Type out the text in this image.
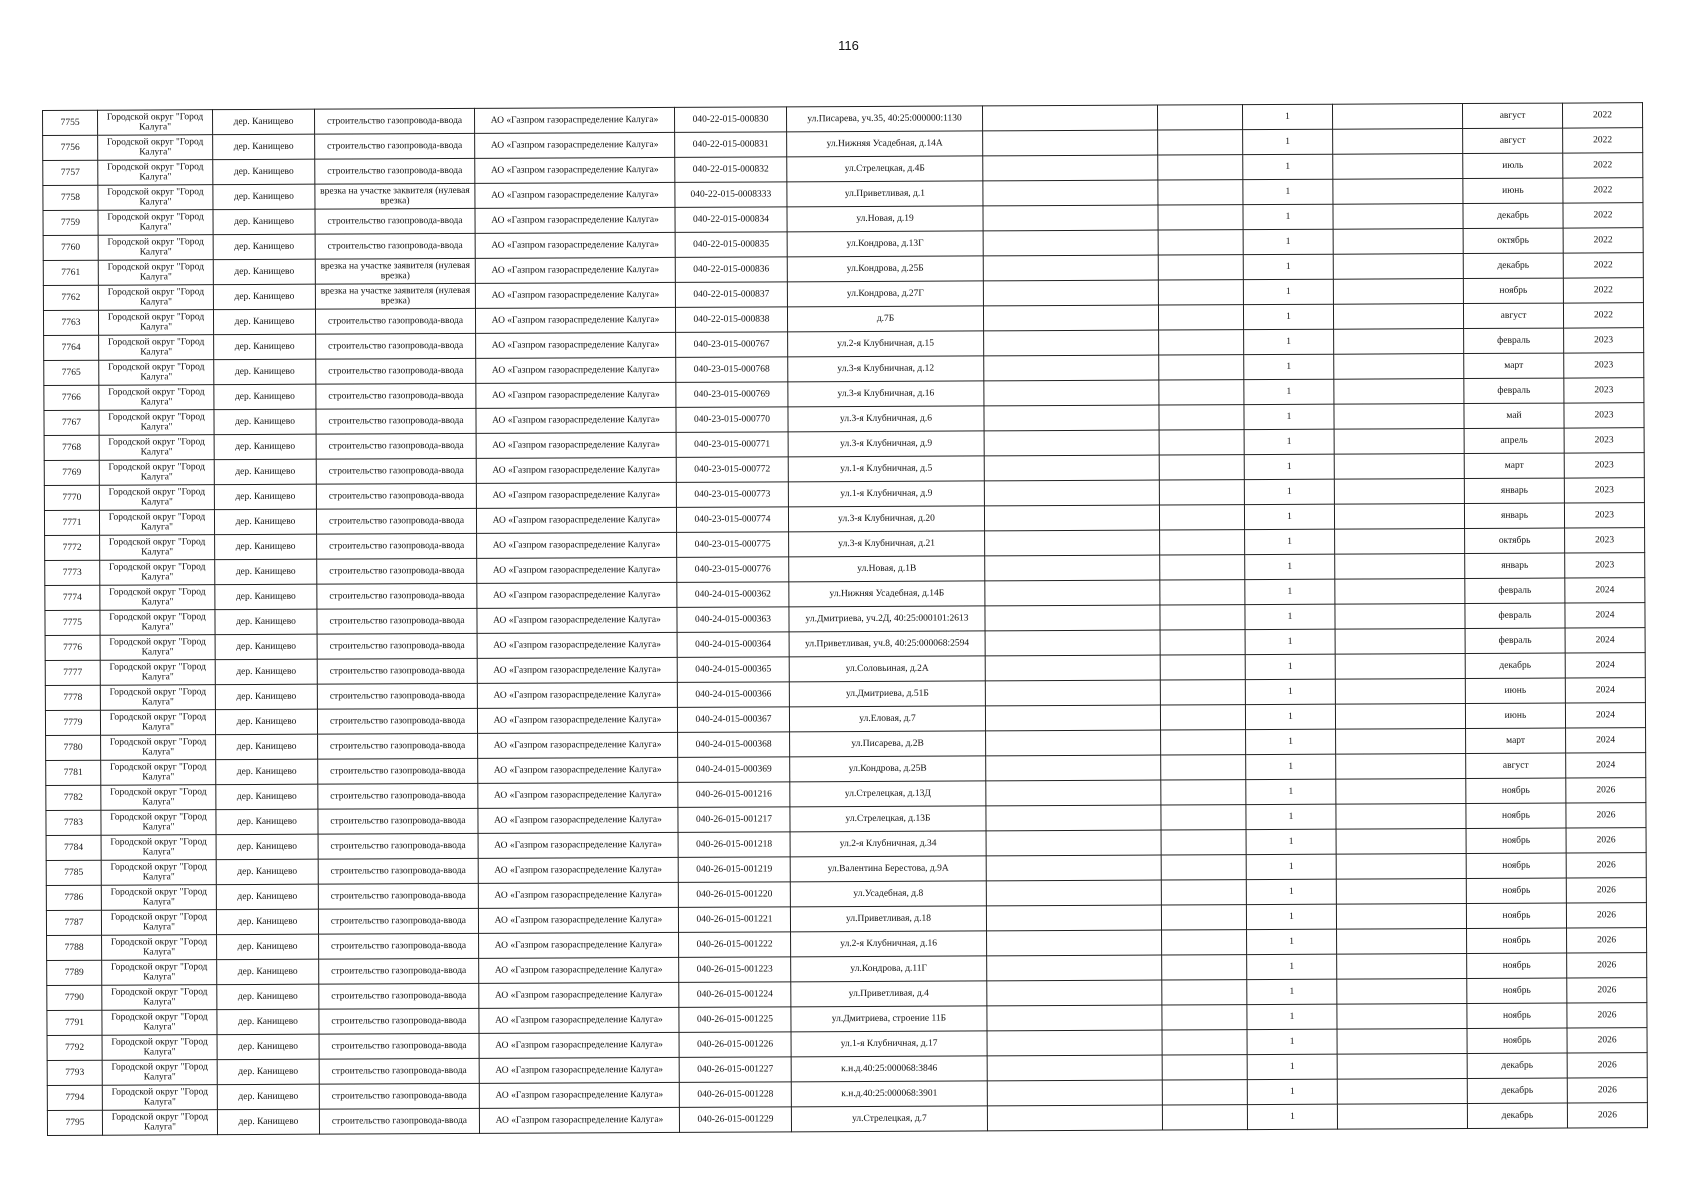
116
7755	Городской округ "Город Калуга"	дер. Канищево	строительство газопровода-ввода	АО «Газпром газораспределение Калуга»	040-22-015-000830	ул.Писарева, уч.35, 40:25:000000:1130			1		август	2022
7756	Городской округ "Город Калуга"	дер. Канищево	строительство газопровода-ввода	АО «Газпром газораспределение Калуга»	040-22-015-000831	ул.Нижняя Усадебная, д.14А			1		август	2022
7757	Городской округ "Город Калуга"	дер. Канищево	строительство газопровода-ввода	АО «Газпром газораспределение Калуга»	040-22-015-000832	ул.Стрелецкая, д.4Б			1		июль	2022
7758	Городской округ "Город Калуга"	дер. Канищево	врезка на участке заквителя (нулевая врезка)	АО «Газпром газораспределение Калуга»	040-22-015-0008333	ул.Приветливая, д.1			1		июнь	2022
7759	Городской округ "Город Калуга"	дер. Канищево	строительство газопровода-ввода	АО «Газпром газораспределение Калуга»	040-22-015-000834	ул.Новая, д.19			1		декабрь	2022
7760	Городской округ "Город Калуга"	дер. Канищево	строительство газопровода-ввода	АО «Газпром газораспределение Калуга»	040-22-015-000835	ул.Кондрова, д.13Г			1		октябрь	2022
7761	Городской округ "Город Калуга"	дер. Канищево	врезка на участке заявителя (нулевая врезка)	АО «Газпром газораспределение Калуга»	040-22-015-000836	ул.Кондрова, д.25Б			1		декабрь	2022
7762	Городской округ "Город Калуга"	дер. Канищево	врезка на участке заявителя (нулевая врезка)	АО «Газпром газораспределение Калуга»	040-22-015-000837	ул.Кондрова, д.27Г			1		ноябрь	2022
7763	Городской округ "Город Калуга"	дер. Канищево	строительство газопровода-ввода	АО «Газпром газораспределение Калуга»	040-22-015-000838	д.7Б			1		август	2022
7764	Городской округ "Город Калуга"	дер. Канищево	строительство газопровода-ввода	АО «Газпром газораспределение Калуга»	040-23-015-000767	ул.2-я Клубничная, д.15			1		февраль	2023
7765	Городской округ "Город Калуга"	дер. Канищево	строительство газопровода-ввода	АО «Газпром газораспределение Калуга»	040-23-015-000768	ул.3-я Клубничная, д.12			1		март	2023
7766	Городской округ "Город Калуга"	дер. Канищево	строительство газопровода-ввода	АО «Газпром газораспределение Калуга»	040-23-015-000769	ул.3-я Клубничная, д.16			1		февраль	2023
7767	Городской округ "Город Калуга"	дер. Канищево	строительство газопровода-ввода	АО «Газпром газораспределение Калуга»	040-23-015-000770	ул.3-я Клубничная, д.6			1		май	2023
7768	Городской округ "Город Калуга"	дер. Канищево	строительство газопровода-ввода	АО «Газпром газораспределение Калуга»	040-23-015-000771	ул.3-я Клубничная, д.9			1		апрель	2023
7769	Городской округ "Город Калуга"	дер. Канищево	строительство газопровода-ввода	АО «Газпром газораспределение Калуга»	040-23-015-000772	ул.1-я Клубничная, д.5			1		март	2023
7770	Городской округ "Город Калуга"	дер. Канищево	строительство газопровода-ввода	АО «Газпром газораспределение Калуга»	040-23-015-000773	ул.1-я Клубничная, д.9			1		январь	2023
7771	Городской округ "Город Калуга"	дер. Канищево	строительство газопровода-ввода	АО «Газпром газораспределение Калуга»	040-23-015-000774	ул.3-я Клубничная, д.20			1		январь	2023
7772	Городской округ "Город Калуга"	дер. Канищево	строительство газопровода-ввода	АО «Газпром газораспределение Калуга»	040-23-015-000775	ул.3-я Клубничная, д.21			1		октябрь	2023
7773	Городской округ "Город Калуга"	дер. Канищево	строительство газопровода-ввода	АО «Газпром газораспределение Калуга»	040-23-015-000776	ул.Новая, д.1В			1		январь	2023
7774	Городской округ "Город Калуга"	дер. Канищево	строительство газопровода-ввода	АО «Газпром газораспределение Калуга»	040-24-015-000362	ул.Нижняя Усадебная, д.14Б			1		февраль	2024
7775	Городской округ "Город Калуга"	дер. Канищево	строительство газопровода-ввода	АО «Газпром газораспределение Калуга»	040-24-015-000363	ул.Дмитриева, уч.2Д, 40:25:000101:2613			1		февраль	2024
7776	Городской округ "Город Калуга"	дер. Канищево	строительство газопровода-ввода	АО «Газпром газораспределение Калуга»	040-24-015-000364	ул.Приветливая, уч.8, 40:25:000068:2594			1		февраль	2024
7777	Городской округ "Город Калуга"	дер. Канищево	строительство газопровода-ввода	АО «Газпром газораспределение Калуга»	040-24-015-000365	ул.Соловьиная, д.2А			1		декабрь	2024
7778	Городской округ "Город Калуга"	дер. Канищево	строительство газопровода-ввода	АО «Газпром газораспределение Калуга»	040-24-015-000366	ул.Дмитриева, д.51Б			1		июнь	2024
7779	Городской округ "Город Калуга"	дер. Канищево	строительство газопровода-ввода	АО «Газпром газораспределение Калуга»	040-24-015-000367	ул.Еловая, д.7			1		июнь	2024
7780	Городской округ "Город Калуга"	дер. Канищево	строительство газопровода-ввода	АО «Газпром газораспределение Калуга»	040-24-015-000368	ул.Писарева, д.2В			1		март	2024
7781	Городской округ "Город Калуга"	дер. Канищево	строительство газопровода-ввода	АО «Газпром газораспределение Калуга»	040-24-015-000369	ул.Кондрова, д.25В			1		август	2024
7782	Городской округ "Город Калуга"	дер. Канищево	строительство газопровода-ввода	АО «Газпром газораспределение Калуга»	040-26-015-001216	ул.Стрелецкая, д.13Д			1		ноябрь	2026
7783	Городской округ "Город Калуга"	дер. Канищево	строительство газопровода-ввода	АО «Газпром газораспределение Калуга»	040-26-015-001217	ул.Стрелецкая, д.13Б			1		ноябрь	2026
7784	Городской округ "Город Калуга"	дер. Канищево	строительство газопровода-ввода	АО «Газпром газораспределение Калуга»	040-26-015-001218	ул.2-я Клубничная, д.34			1		ноябрь	2026
7785	Городской округ "Город Калуга"	дер. Канищево	строительство газопровода-ввода	АО «Газпром газораспределение Калуга»	040-26-015-001219	ул.Валентина Берестова, д.9А			1		ноябрь	2026
7786	Городской округ "Город Калуга"	дер. Канищево	строительство газопровода-ввода	АО «Газпром газораспределение Калуга»	040-26-015-001220	ул.Усадебная, д.8			1		ноябрь	2026
7787	Городской округ "Город Калуга"	дер. Канищево	строительство газопровода-ввода	АО «Газпром газораспределение Калуга»	040-26-015-001221	ул.Приветливая, д.18			1		ноябрь	2026
7788	Городской округ "Город Калуга"	дер. Канищево	строительство газопровода-ввода	АО «Газпром газораспределение Калуга»	040-26-015-001222	ул.2-я Клубничная, д.16			1		ноябрь	2026
7789	Городской округ "Город Калуга"	дер. Канищево	строительство газопровода-ввода	АО «Газпром газораспределение Калуга»	040-26-015-001223	ул.Кондрова, д.11Г			1		ноябрь	2026
7790	Городской округ "Город Калуга"	дер. Канищево	строительство газопровода-ввода	АО «Газпром газораспределение Калуга»	040-26-015-001224	ул.Приветливая, д.4			1		ноябрь	2026
7791	Городской округ "Город Калуга"	дер. Канищево	строительство газопровода-ввода	АО «Газпром газораспределение Калуга»	040-26-015-001225	ул.Дмитриева, строение 11Б			1		ноябрь	2026
7792	Городской округ "Город Калуга"	дер. Канищево	строительство газопровода-ввода	АО «Газпром газораспределение Калуга»	040-26-015-001226	ул.1-я Клубничная, д.17			1		ноябрь	2026
7793	Городской округ "Город Калуга"	дер. Канищево	строительство газопровода-ввода	АО «Газпром газораспределение Калуга»	040-26-015-001227	к.н.д.40:25:000068:3846			1		декабрь	2026
7794	Городской округ "Город Калуга"	дер. Канищево	строительство газопровода-ввода	АО «Газпром газораспределение Калуга»	040-26-015-001228	к.н.д.40:25:000068:3901			1		декабрь	2026
7795	Городской округ "Город Калуга"	дер. Канищево	строительство газопровода-ввода	АО «Газпром газораспределение Калуга»	040-26-015-001229	ул.Стрелецкая, д.7			1		декабрь	2026
